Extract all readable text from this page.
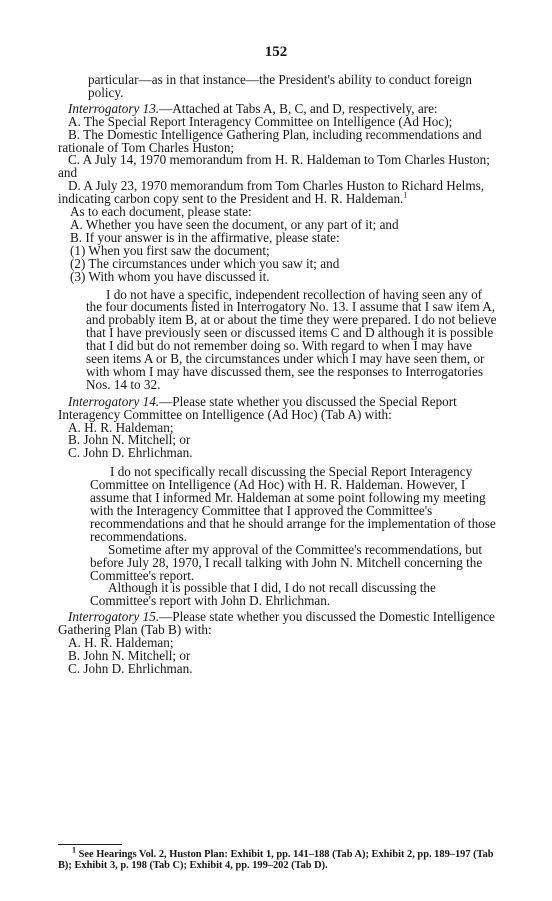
152

particular—as in that instance—the President's ability to conduct foreign policy.

Interrogatory 13.—Attached at Tabs A, B, C, and D, respectively, are:

A. The Special Report Interagency Committee on Intelligence (Ad Hoc);

B. The Domestic Intelligence Gathering Plan, including recommendations and rationale of Tom Charles Huston;

C. A July 14, 1970 memorandum from H. R. Haldeman to Tom Charles Huston; and

D. A July 23, 1970 memorandum from Tom Charles Huston to Richard Helms, indicating carbon copy sent to the President and H. R. Haldeman.$^1$

As to each document, please state:

A. Whether you have seen the document, or any part of it; and

B. If your answer is in the affirmative, please state:

(1) When you first saw the document;

(2) The circumstances under which you saw it; and

(3) With whom you have discussed it.

I do not have a specific, independent recollection of having seen any of the four documents listed in Interrogatory No. 13. I assume that I saw item A, and probably item B, at or about the time they were prepared. I do not believe that I have previously seen or discussed items C and D although it is possible that I did but do not remember doing so. With regard to when I may have seen items A or B, the circumstances under which I may have seen them, or with whom I may have discussed them, see the responses to Interrogatories Nos. 14 to 32.

Interrogatory 14.—Please state whether you discussed the Special Report Interagency Committee on Intelligence (Ad Hoc) (Tab A) with:

A. H. R. Haldeman;

B. John N. Mitchell; or

C. John D. Ehrlichman.

I do not specifically recall discussing the Special Report Interagency Committee on Intelligence (Ad Hoc) with H. R. Haldeman. However, I assume that I informed Mr. Haldeman at some point following my meeting with the Interagency Committee that I approved the Committee's recommendations and that he should arrange for the implementation of those recommendations.

Sometime after my approval of the Committee's recommendations, but before July 28, 1970, I recall talking with John N. Mitchell concerning the Committee's report.

Although it is possible that I did, I do not recall discussing the Committee's report with John D. Ehrlichman.

Interrogatory 15.—Please state whether you discussed the Domestic Intelligence Gathering Plan (Tab B) with:

A. H. R. Haldeman;

B. John N. Mitchell; or

C. John D. Ehrlichman.

$^1$ See Hearings Vol. 2, Huston Plan: Exhibit 1, pp. 141–188 (Tab A); Exhibit 2, pp. 189–197 (Tab B); Exhibit 3, p. 198 (Tab C); Exhibit 4, pp. 199–202 (Tab D).
